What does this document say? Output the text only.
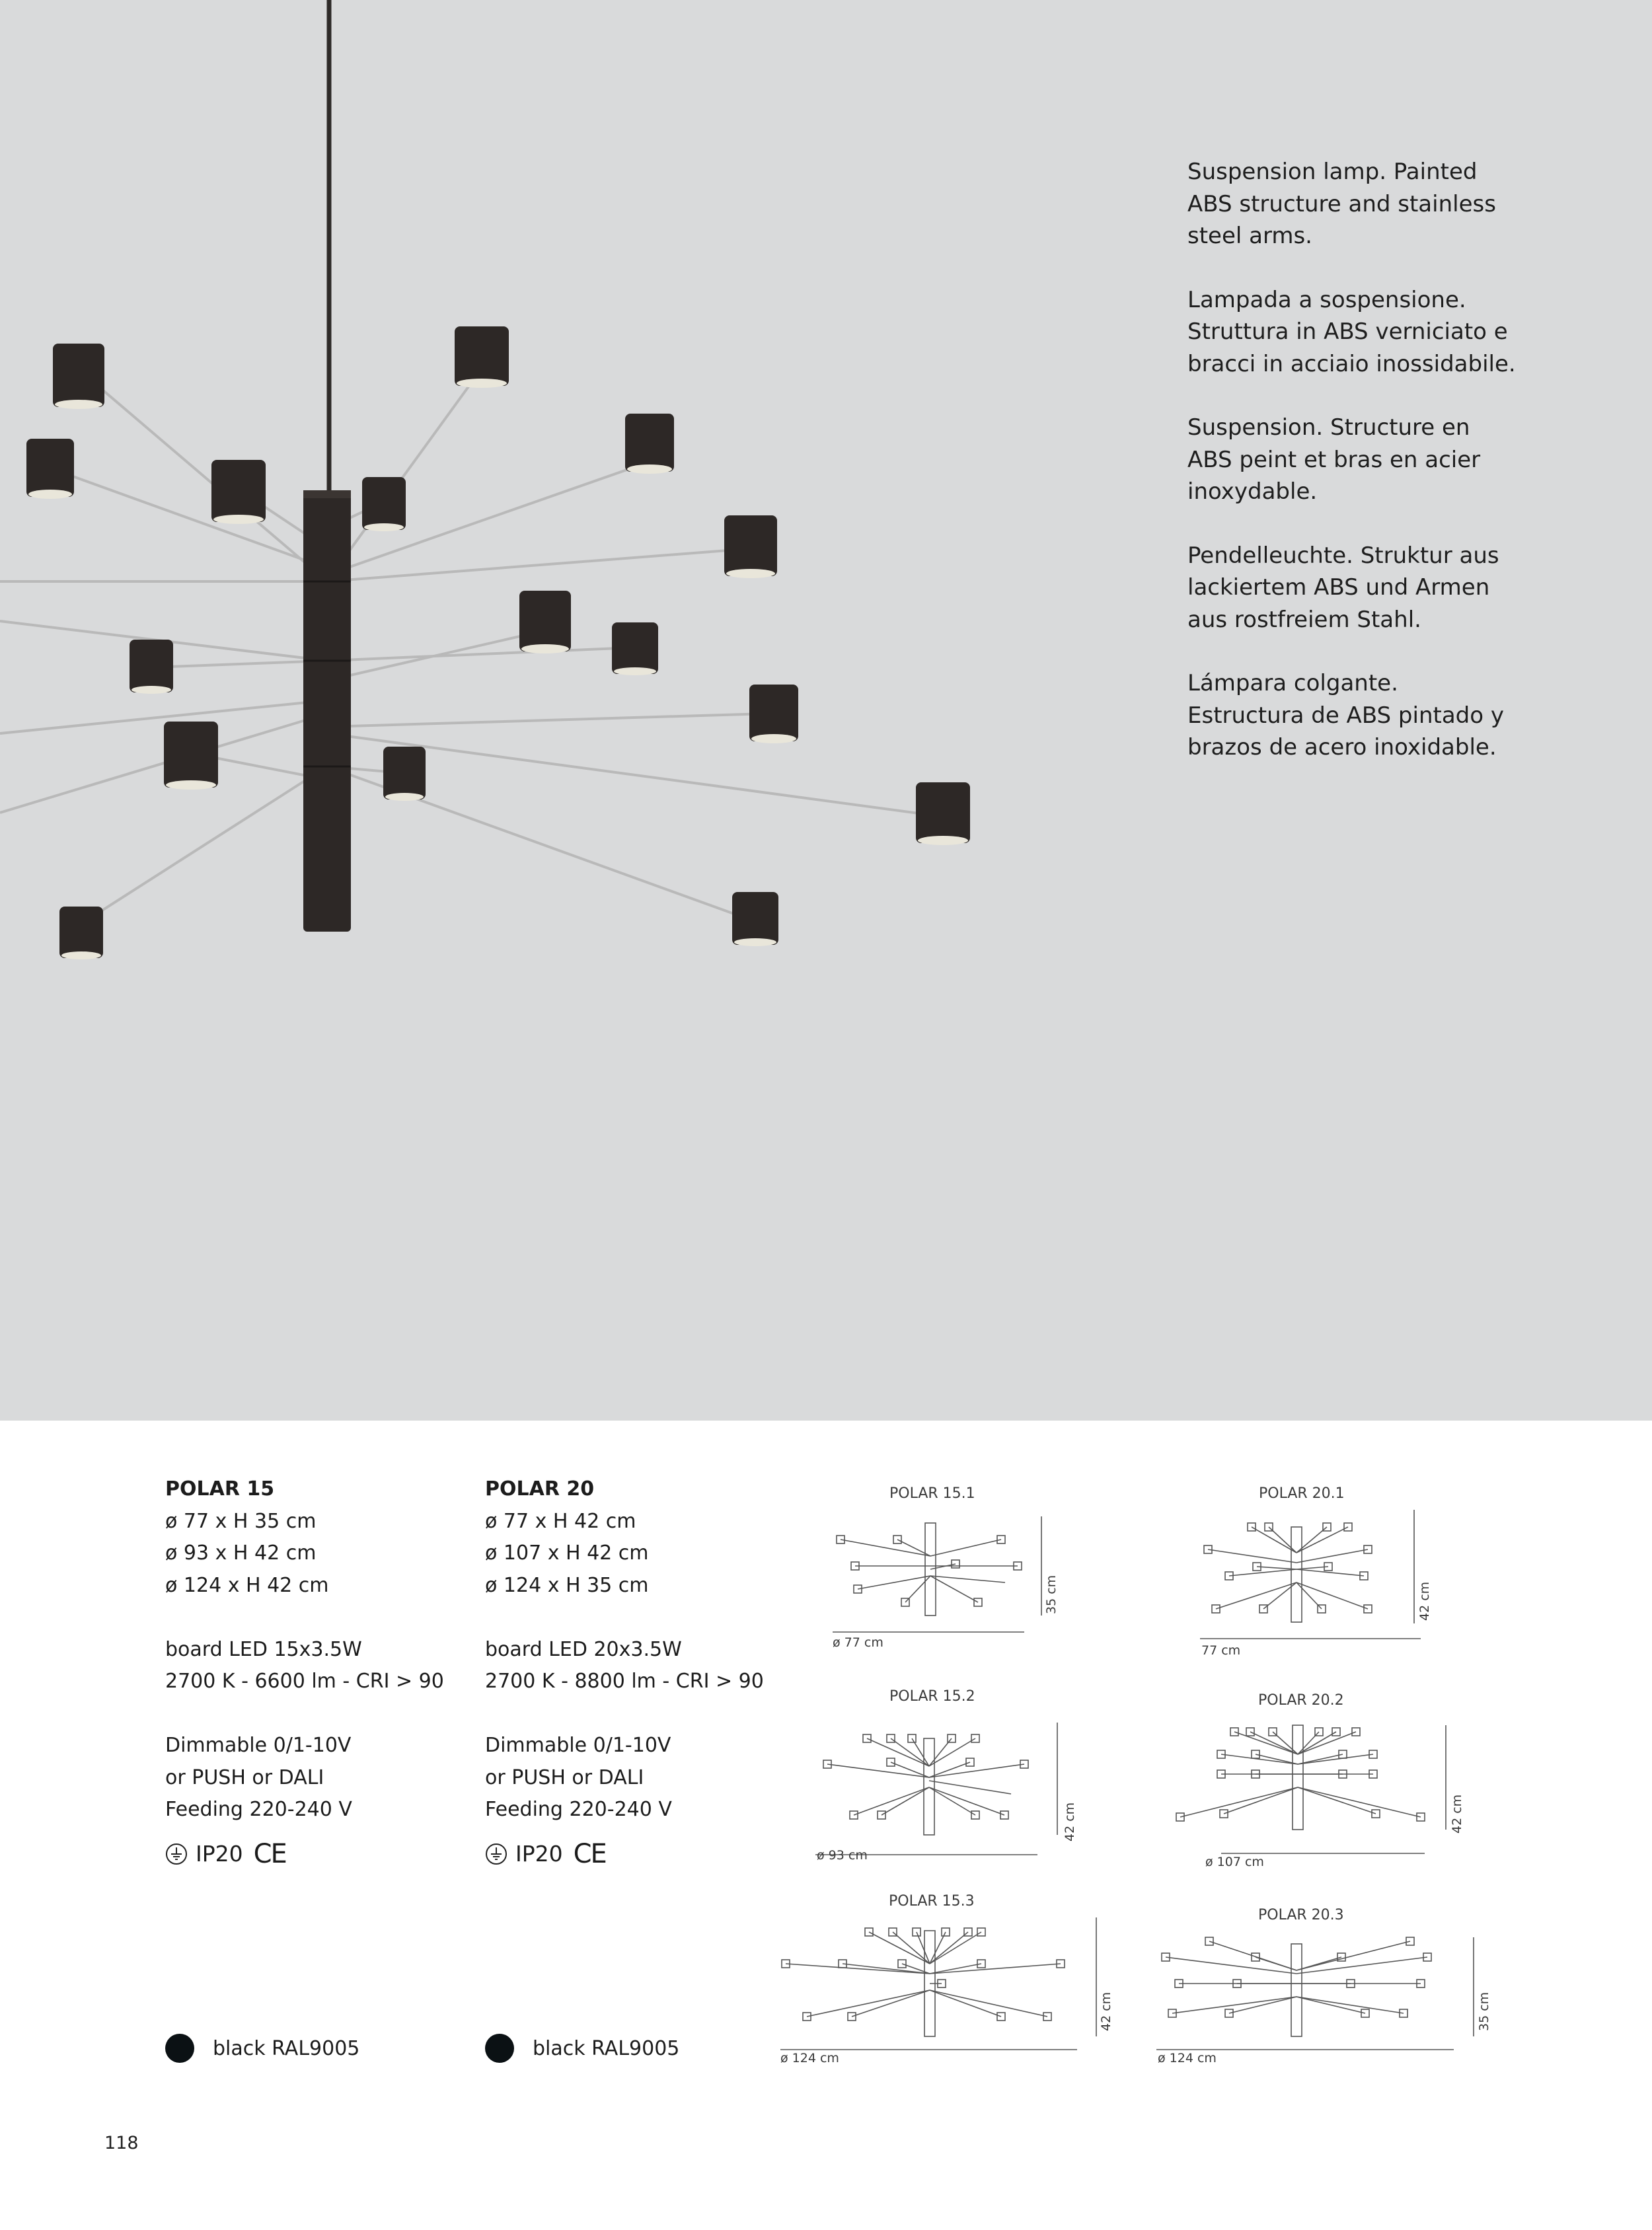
Suspension lamp. Painted
ABS structure and stainless
steel arms.

Lampada a sospensione.
Struttura in ABS verniciato e
bracci in acciaio inossidabile.

Suspension. Structure en
ABS peint et bras en acier
inoxydable.

Pendelleuchte. Struktur aus
lackiertem ABS und Armen
aus rostfreiem Stahl.

Lámpara colgante.
Estructura de ABS pintado y
brazos de acero inoxidable.

POLAR 15
ø 77 x H 35 cm
ø 93 x H 42 cm
ø 124 x H 42 cm
board LED 15x3.5W
2700 K - 6600 lm - CRI > 90
Dimmable 0/1-10V
or PUSH or DALI
Feeding 220-240 V
IP20 CE
POLAR 20
ø 77 x H 42 cm
ø 107 x H 42 cm
ø 124 x H 35 cm
board LED 20x3.5W
2700 K - 8800 lm - CRI > 90
Dimmable 0/1-10V
or PUSH or DALI
Feeding 220-240 V
IP20 CE
black RAL9005	black RAL9005
POLAR 15.1
ø 77 cm
35 cm
POLAR 20.1
77 cm
42 cm
POLAR 15.2
ø 93 cm
42 cm
POLAR 20.2
ø 107 cm
42 cm
POLAR 15.3
ø 124 cm
42 cm
POLAR 20.3
ø 124 cm
35 cm
118
